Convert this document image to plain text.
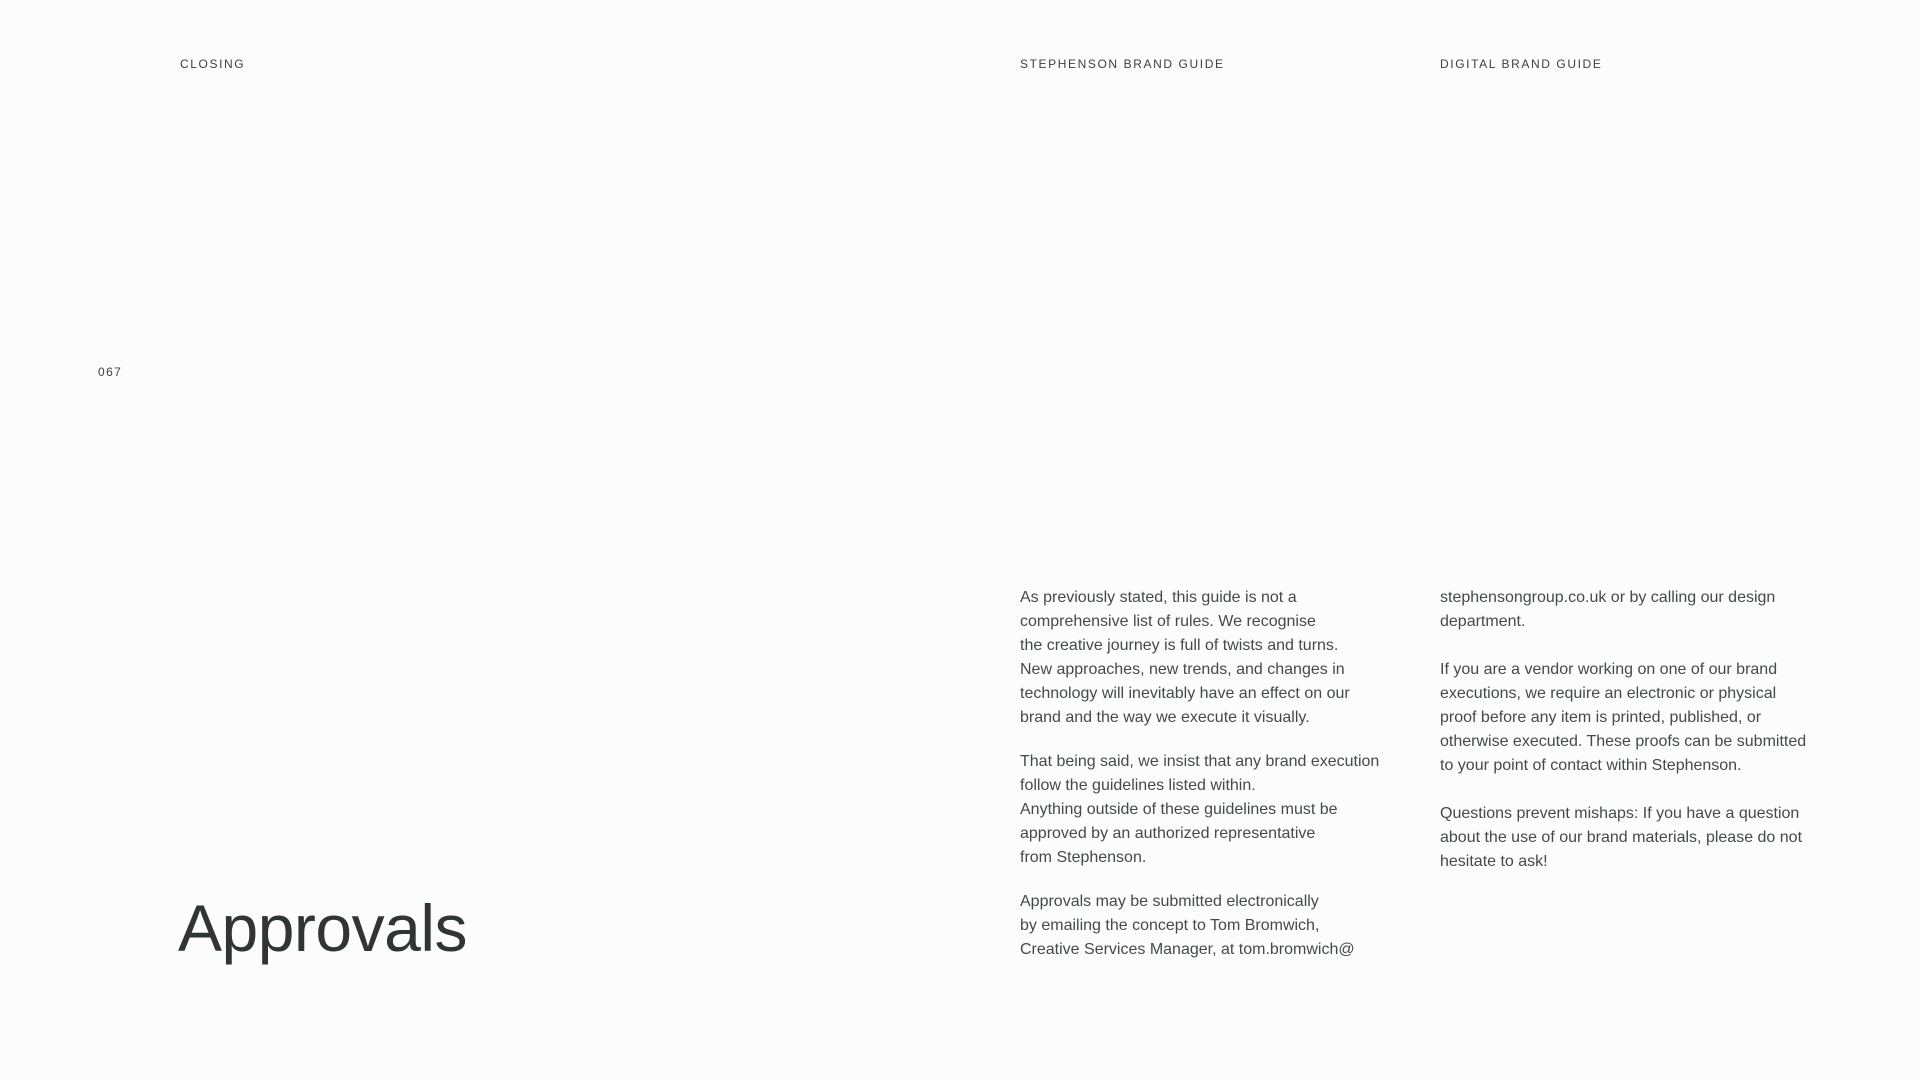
CLOSING	STEPHENSON BRAND GUIDE	DIGITAL BRAND GUIDE
067
Approvals

As previously stated, this guide is not a
comprehensive list of rules. We recognise
the creative journey is full of twists and turns.
New approaches, new trends, and changes in
technology will inevitably have an effect on our
brand and the way we execute it visually.

That being said, we insist that any brand execution
follow the guidelines listed within.
Anything outside of these guidelines must be
approved by an authorized representative
from Stephenson.

Approvals may be submitted electronically
by emailing the concept to Tom Bromwich,
Creative Services Manager, at tom.bromwich@

stephensongroup.co.uk or by calling our design
department.

If you are a vendor working on one of our brand
executions, we require an electronic or physical
proof before any item is printed, published, or
otherwise executed. These proofs can be submitted
to your point of contact within Stephenson.

Questions prevent mishaps: If you have a question
about the use of our brand materials, please do not
hesitate to ask!
